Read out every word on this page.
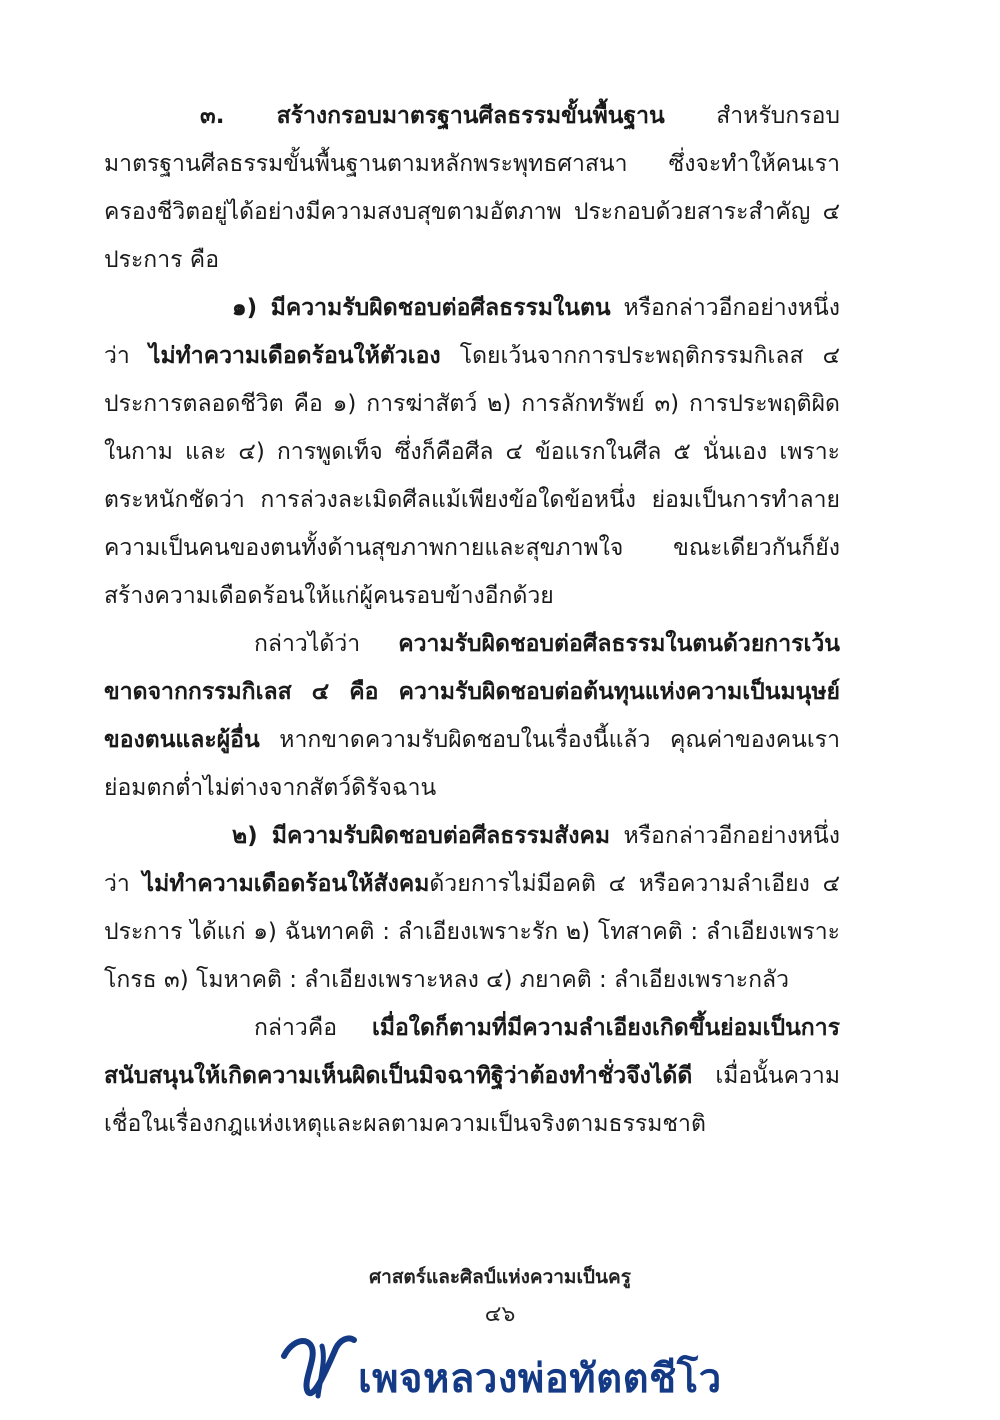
๓. สร้างกรอบมาตรฐานศีลธรรมขั้นพื้นฐาน สำหรับกรอบมาตรฐานศีลธรรมขั้นพื้นฐานตามหลักพระพุทธศาสนา ซึ่งจะทำให้คนเราครองชีวิตอยู่ได้อย่างมีความสงบสุขตามอัตภาพ ประกอบด้วยสาระสำคัญ ๔ ประการ คือ

๑) มีความรับผิดชอบต่อศีลธรรมในตน หรือกล่าวอีกอย่างหนึ่งว่า ไม่ทำความเดือดร้อนให้ตัวเอง โดยเว้นจากการประพฤติกรรมกิเลส ๔ ประการตลอดชีวิต คือ ๑) การฆ่าสัตว์ ๒) การลักทรัพย์ ๓) การประพฤติผิดในกาม และ ๔) การพูดเท็จ ซึ่งก็คือศีล ๔ ข้อแรกในศีล ๕ นั่นเอง เพราะตระหนักชัดว่า การล่วงละเมิดศีลแม้เพียงข้อใดข้อหนึ่ง ย่อมเป็นการทำลายความเป็นคนของตนทั้งด้านสุขภาพกายและสุขภาพใจ ขณะเดียวกันก็ยังสร้างความเดือดร้อนให้แก่ผู้คนรอบข้างอีกด้วย

กล่าวได้ว่า ความรับผิดชอบต่อศีลธรรมในตนด้วยการเว้นขาดจากกรรมกิเลส ๔ คือ ความรับผิดชอบต่อต้นทุนแห่งความเป็นมนุษย์ของตนและผู้อื่น หากขาดความรับผิดชอบในเรื่องนี้แล้ว คุณค่าของคนเราย่อมตกต่ำไม่ต่างจากสัตว์ดิรัจฉาน

๒) มีความรับผิดชอบต่อศีลธรรมสังคม หรือกล่าวอีกอย่างหนึ่งว่า ไม่ทำความเดือดร้อนให้สังคมด้วยการไม่มีอคติ ๔ หรือความลำเอียง ๔ ประการ ได้แก่ ๑) ฉันทาคติ : ลำเอียงเพราะรัก ๒) โทสาคติ : ลำเอียงเพราะโกรธ ๓) โมหาคติ : ลำเอียงเพราะหลง ๔) ภยาคติ : ลำเอียงเพราะกลัว

กล่าวคือ เมื่อใดก็ตามที่มีความลำเอียงเกิดขึ้นย่อมเป็นการสนับสนุนให้เกิดความเห็นผิดเป็นมิจฉาทิฐิว่าต้องทำชั่วจึงได้ดี เมื่อนั้นความเชื่อในเรื่องกฎแห่งเหตุและผลตามความเป็นจริงตามธรรมชาติ

ศาสตร์และศิลป์แห่งความเป็นครู
๔๖
เพจหลวงพ่อทัตตชีโว
